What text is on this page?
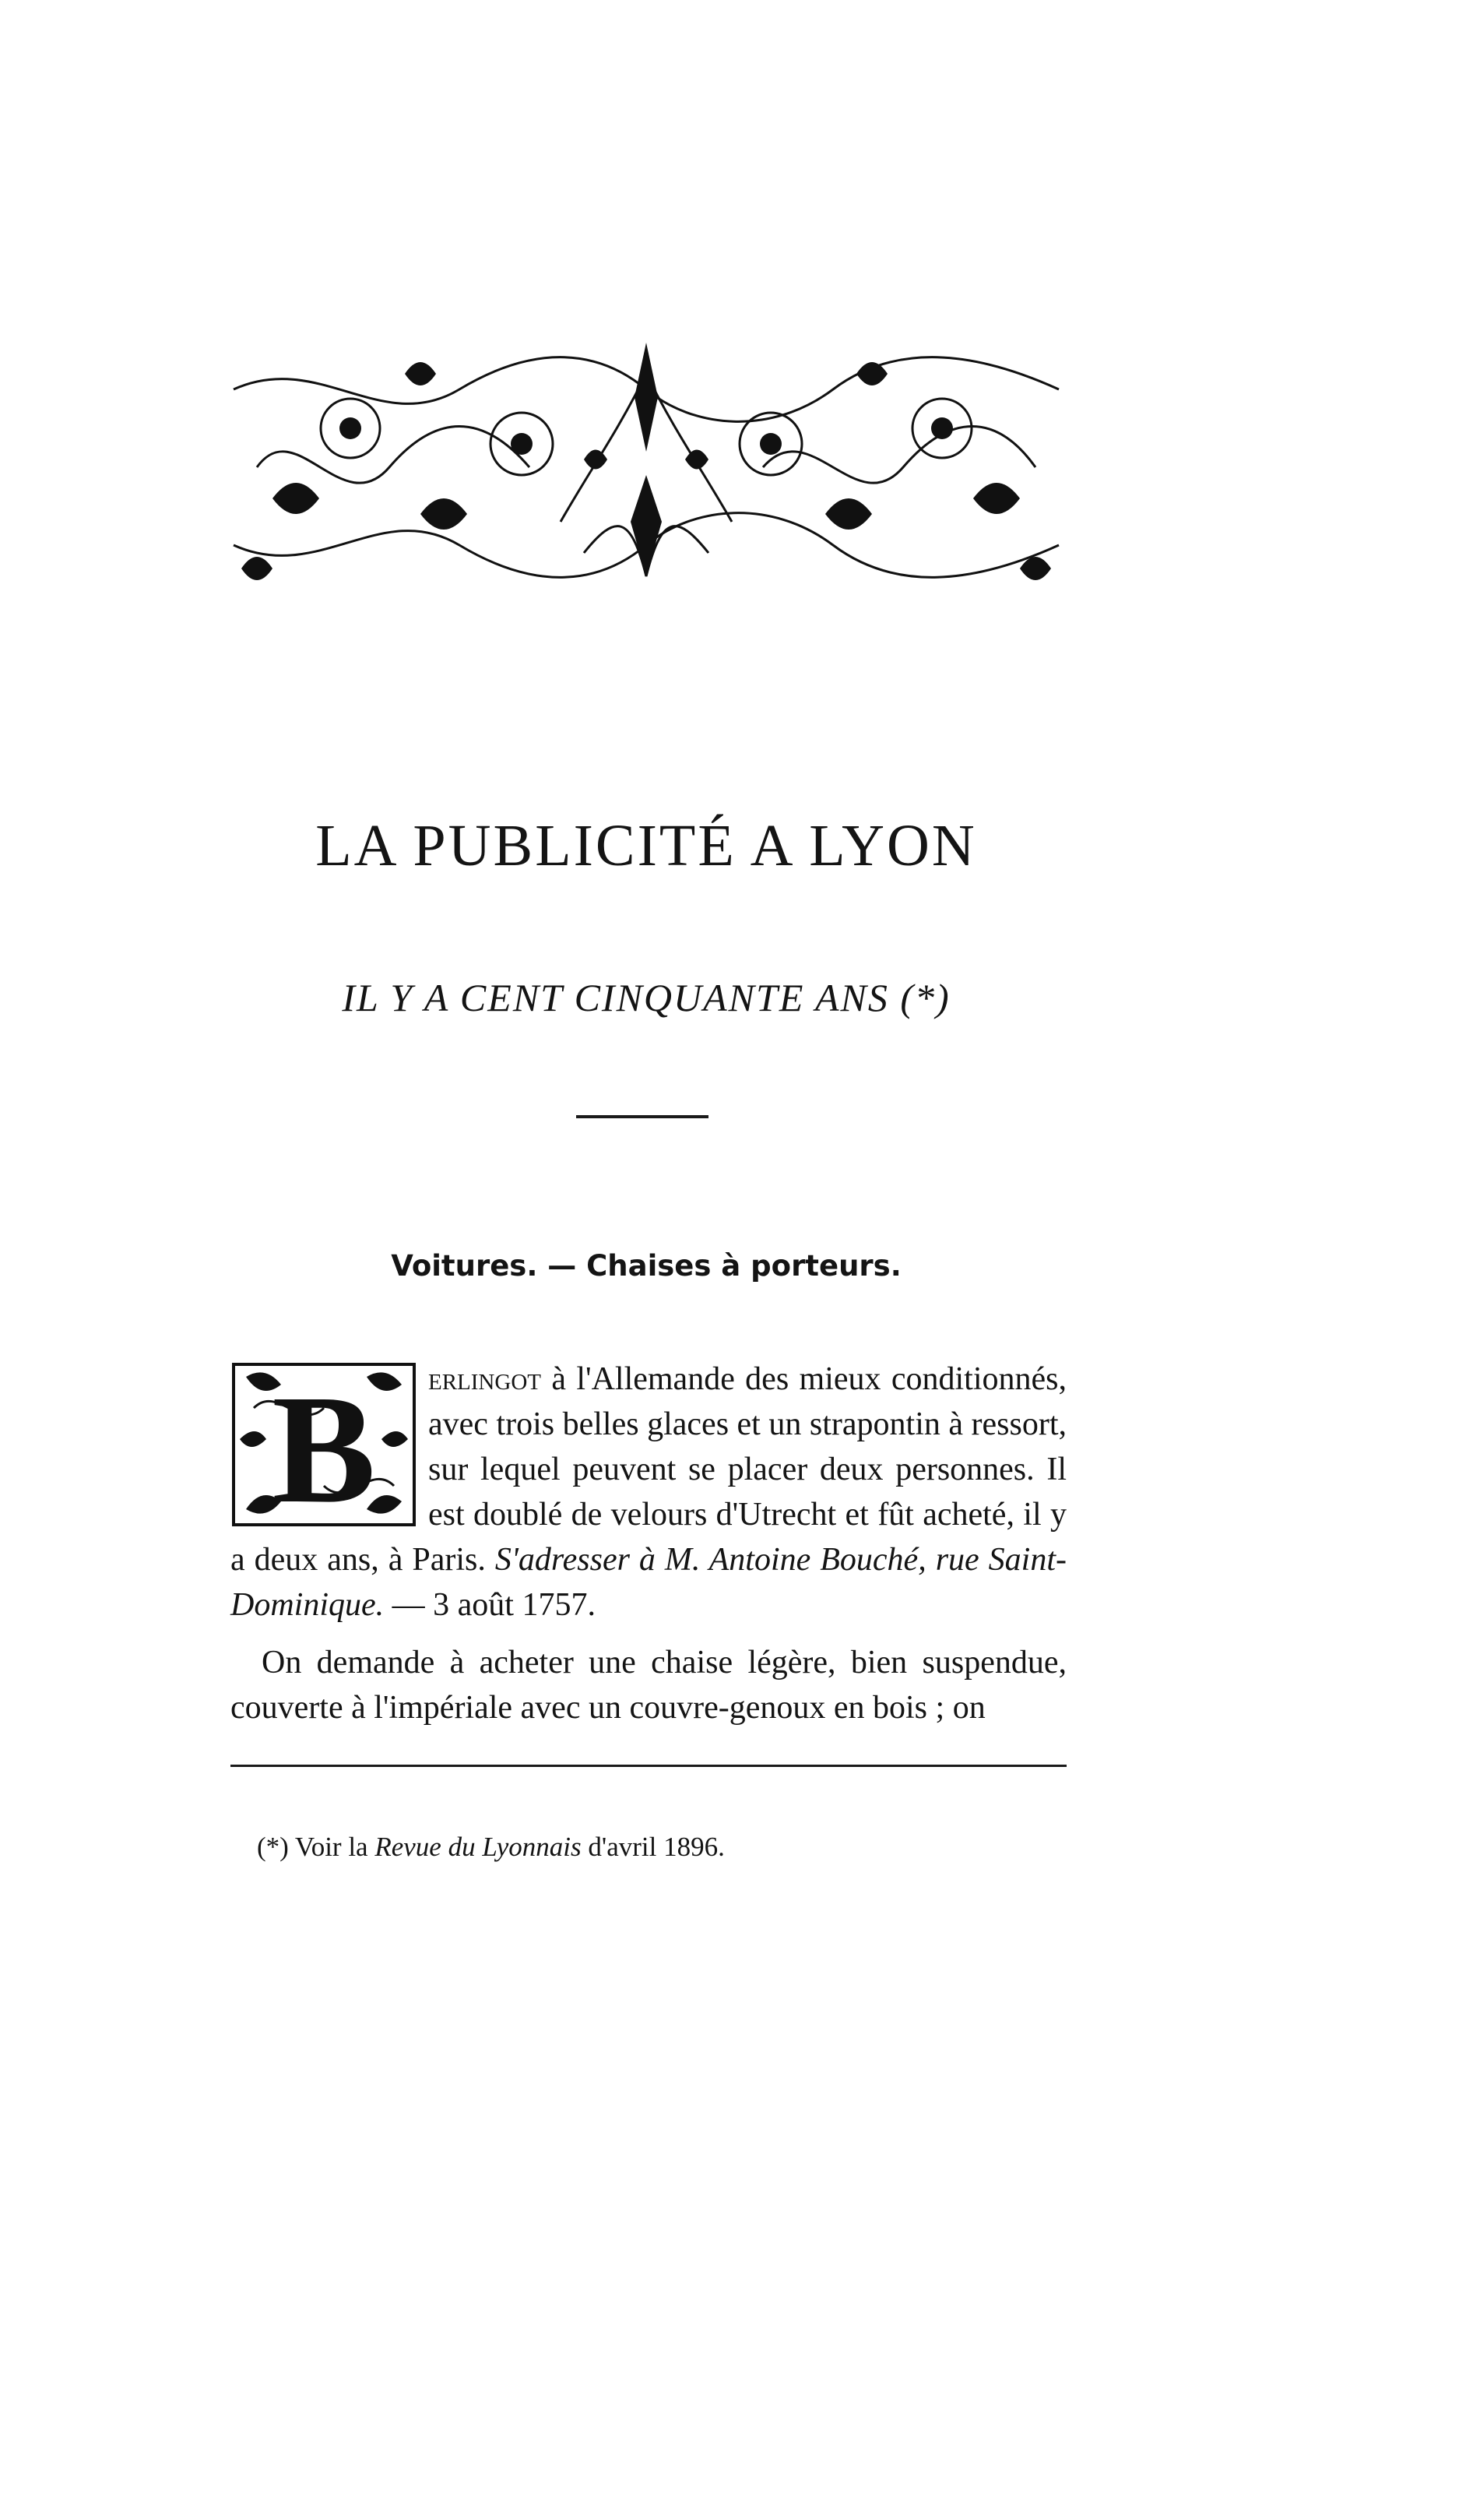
LA PUBLICITÉ A LYON
IL Y A CENT CINQUANTE ANS (*)
Voitures. — Chaises à porteurs.

B erlingot à l'Allemande des mieux conditionnés, avec trois belles glaces et un strapontin à ressort, sur lequel peuvent se placer deux personnes. Il est doublé de velours d'Utrecht et fût acheté, il y a deux ans, à Paris. S'adresser à M. Antoine Bouché, rue Saint-Dominique. — 3 août 1757.

On demande à acheter une chaise légère, bien suspendue, couverte à l'impériale avec un couvre-genoux en bois ; on

(*) Voir la Revue du Lyonnais d'avril 1896.
